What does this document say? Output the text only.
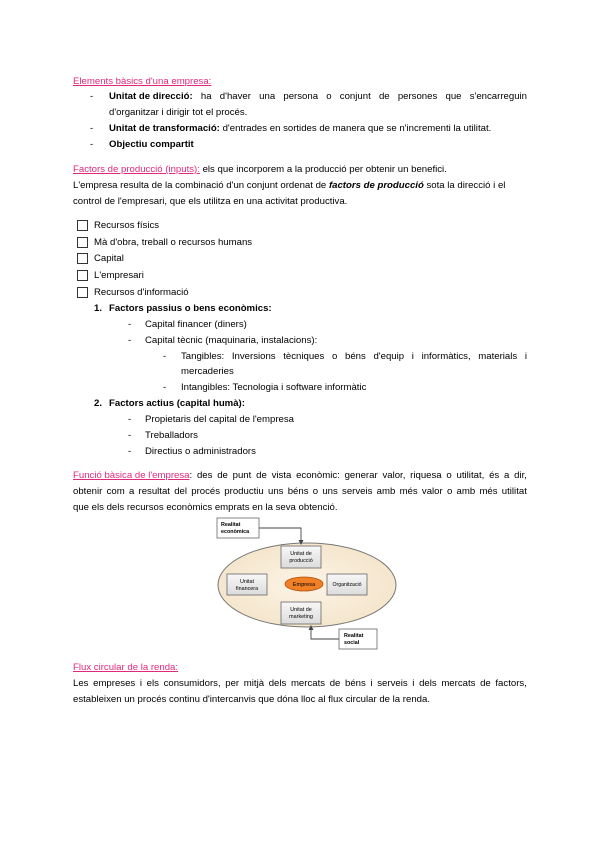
Elements bàsics d'una empresa:
- Unitat de direcció: ha d'haver una persona o conjunt de persones que s'encarreguin
d'organitzar i dirigir tot el procés.
- Unitat de transformació: d'entrades en sortides de manera que se n'incrementi la utilitat.
- Objectiu compartit
Factors de producció (inputs): els que incorporem a la producció per obtenir un benefici.
L'empresa resulta de la combinació d'un conjunt ordenat de factors de producció sota la direcció i el
control de l'empresari, que els utilitza en una activitat productiva.
Recursos físics
Mà d'obra, treball o recursos humans
Capital
L'empresari
Recursos d'informació
1. Factors passius o bens econòmics:
- Capital financer (diners)
- Capital tècnic (maquinaria, instalacions):
- Tangibles: Inversions tècniques o béns d'equip i informàtics, materials i
mercaderies
- Intangibles: Tecnologia i software informàtic
2. Factors actius (capital humà):
- Propietaris del capital de l'empresa
- Treballadors
- Directius o administradors
Funció bàsica de l'empresa: des de punt de vista econòmic: generar valor, riquesa o utilitat, és a dir,
obtenir com a resultat del procés productiu uns béns o uns serveis amb més valor o amb més utilitat
que els dels recursos econòmics emprats en la seva obtenció.
Realitat
econòmica
Unitat de
producció
Unitat
financera
Empresa	Organització
Unitat de
marketing
Realitat
social
Flux circular de la renda:
Les empreses i els consumidors, per mitjà dels mercats de béns i serveis i dels mercats de factors,
estableixen un procés continu d'intercanvis que dóna lloc al flux circular de la renda.
